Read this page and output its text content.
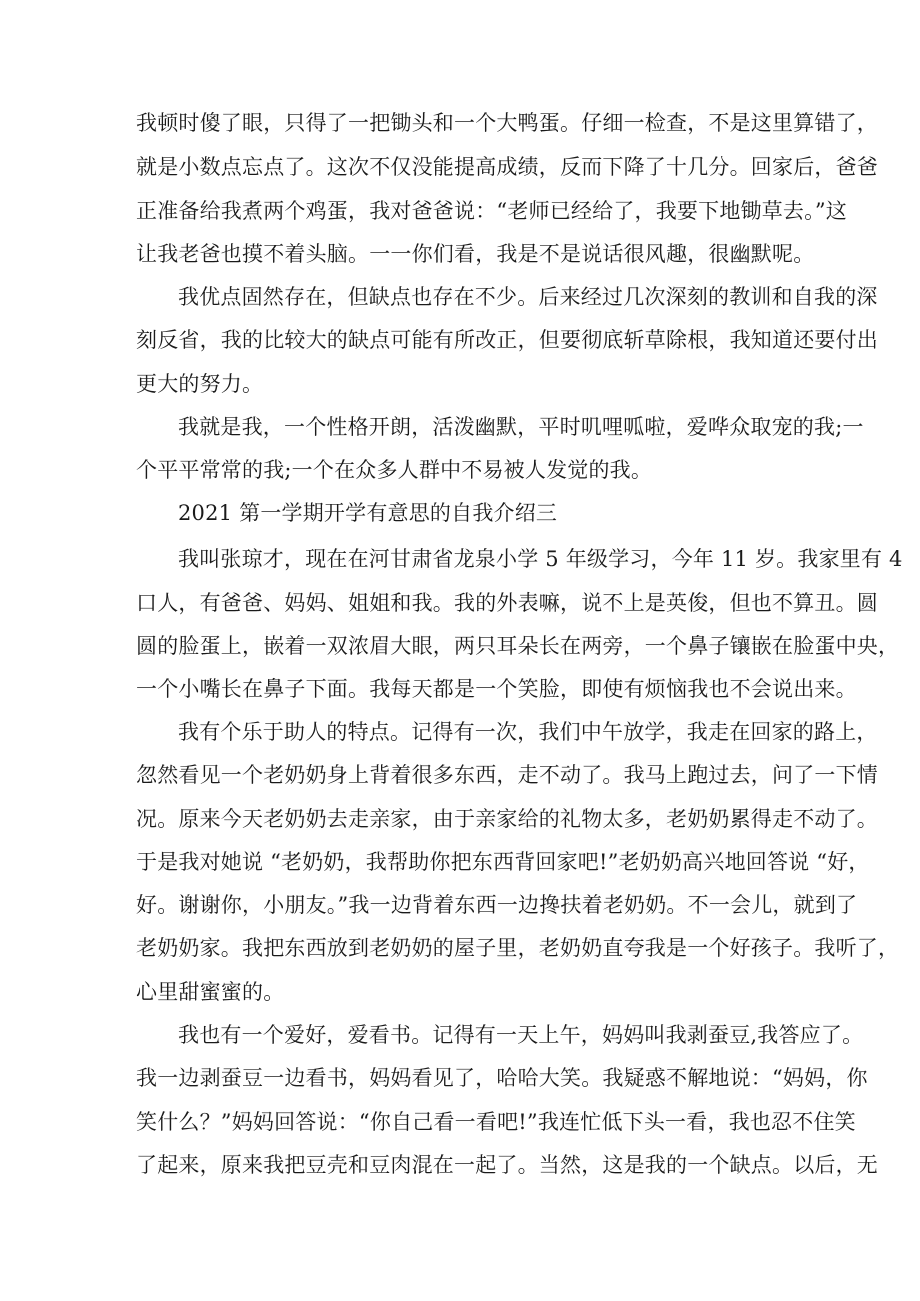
我顿时傻了眼，只得了一把锄头和一个大鸭蛋。仔细一检查，不是这里算错了，
就是小数点忘点了。这次不仅没能提高成绩，反而下降了十几分。回家后，爸爸
正准备给我煮两个鸡蛋，我对爸爸说：“老师已经给了，我要下地锄草去。”这
让我老爸也摸不着头脑。一一你们看，我是不是说话很风趣，很幽默呢。
我优点固然存在，但缺点也存在不少。后来经过几次深刻的教训和自我的深
刻反省，我的比较大的缺点可能有所改正，但要彻底斩草除根，我知道还要付出
更大的努力。
我就是我，一个性格开朗，活泼幽默，平时叽哩呱啦，爱哗众取宠的我;一
个平平常常的我;一个在众多人群中不易被人发觉的我。
2021 第一学期开学有意思的自我介绍三
我叫张琼才，现在在河甘肃省龙泉小学 5 年级学习，今年 11 岁。我家里有 4
口人，有爸爸、妈妈、姐姐和我。我的外表嘛，说不上是英俊，但也不算丑。圆
圆的脸蛋上，嵌着一双浓眉大眼，两只耳朵长在两旁，一个鼻子镶嵌在脸蛋中央，
一个小嘴长在鼻子下面。我每天都是一个笑脸，即使有烦恼我也不会说出来。
我有个乐于助人的特点。记得有一次，我们中午放学，我走在回家的路上，
忽然看见一个老奶奶身上背着很多东西，走不动了。我马上跑过去，问了一下情
况。原来今天老奶奶去走亲家，由于亲家给的礼物太多，老奶奶累得走不动了。
于是我对她说 “老奶奶，我帮助你把东西背回家吧!”老奶奶高兴地回答说 “好，
好。谢谢你，小朋友。”我一边背着东西一边搀扶着老奶奶。不一会儿，就到了
老奶奶家。我把东西放到老奶奶的屋子里，老奶奶直夸我是一个好孩子。我听了，
心里甜蜜蜜的。
我也有一个爱好，爱看书。记得有一天上午，妈妈叫我剥蚕豆,我答应了。
我一边剥蚕豆一边看书，妈妈看见了，哈哈大笑。我疑惑不解地说：“妈妈，你
笑什么？”妈妈回答说：“你自己看一看吧!”我连忙低下头一看，我也忍不住笑
了起来，原来我把豆壳和豆肉混在一起了。当然，这是我的一个缺点。以后，无
